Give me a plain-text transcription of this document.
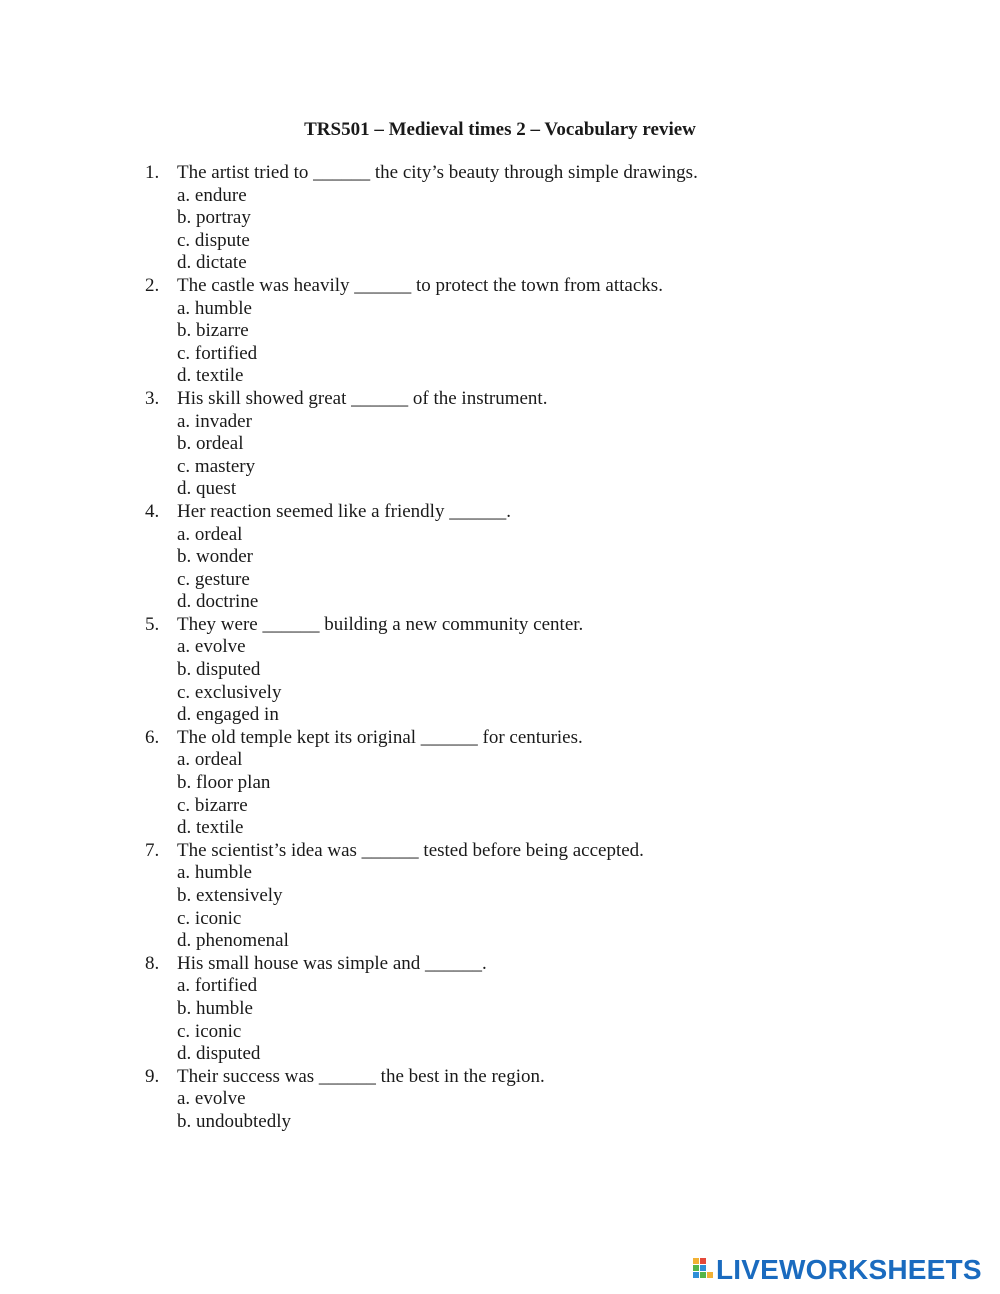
TRS501 – Medieval times 2 – Vocabulary review
1. The artist tried to ______ the city’s beauty through simple drawings.
a. endure
b. portray
c. dispute
d. dictate
2. The castle was heavily ______ to protect the town from attacks.
a. humble
b. bizarre
c. fortified
d. textile
3. His skill showed great ______ of the instrument.
a. invader
b. ordeal
c. mastery
d. quest
4. Her reaction seemed like a friendly ______.
a. ordeal
b. wonder
c. gesture
d. doctrine
5. They were ______ building a new community center.
a. evolve
b. disputed
c. exclusively
d. engaged in
6. The old temple kept its original ______ for centuries.
a. ordeal
b. floor plan
c. bizarre
d. textile
7. The scientist’s idea was ______ tested before being accepted.
a. humble
b. extensively
c. iconic
d. phenomenal
8. His small house was simple and ______.
a. fortified
b. humble
c. iconic
d. disputed
9. Their success was ______ the best in the region.
a. evolve
b. undoubtedly
LIVEWORKSHEETS
